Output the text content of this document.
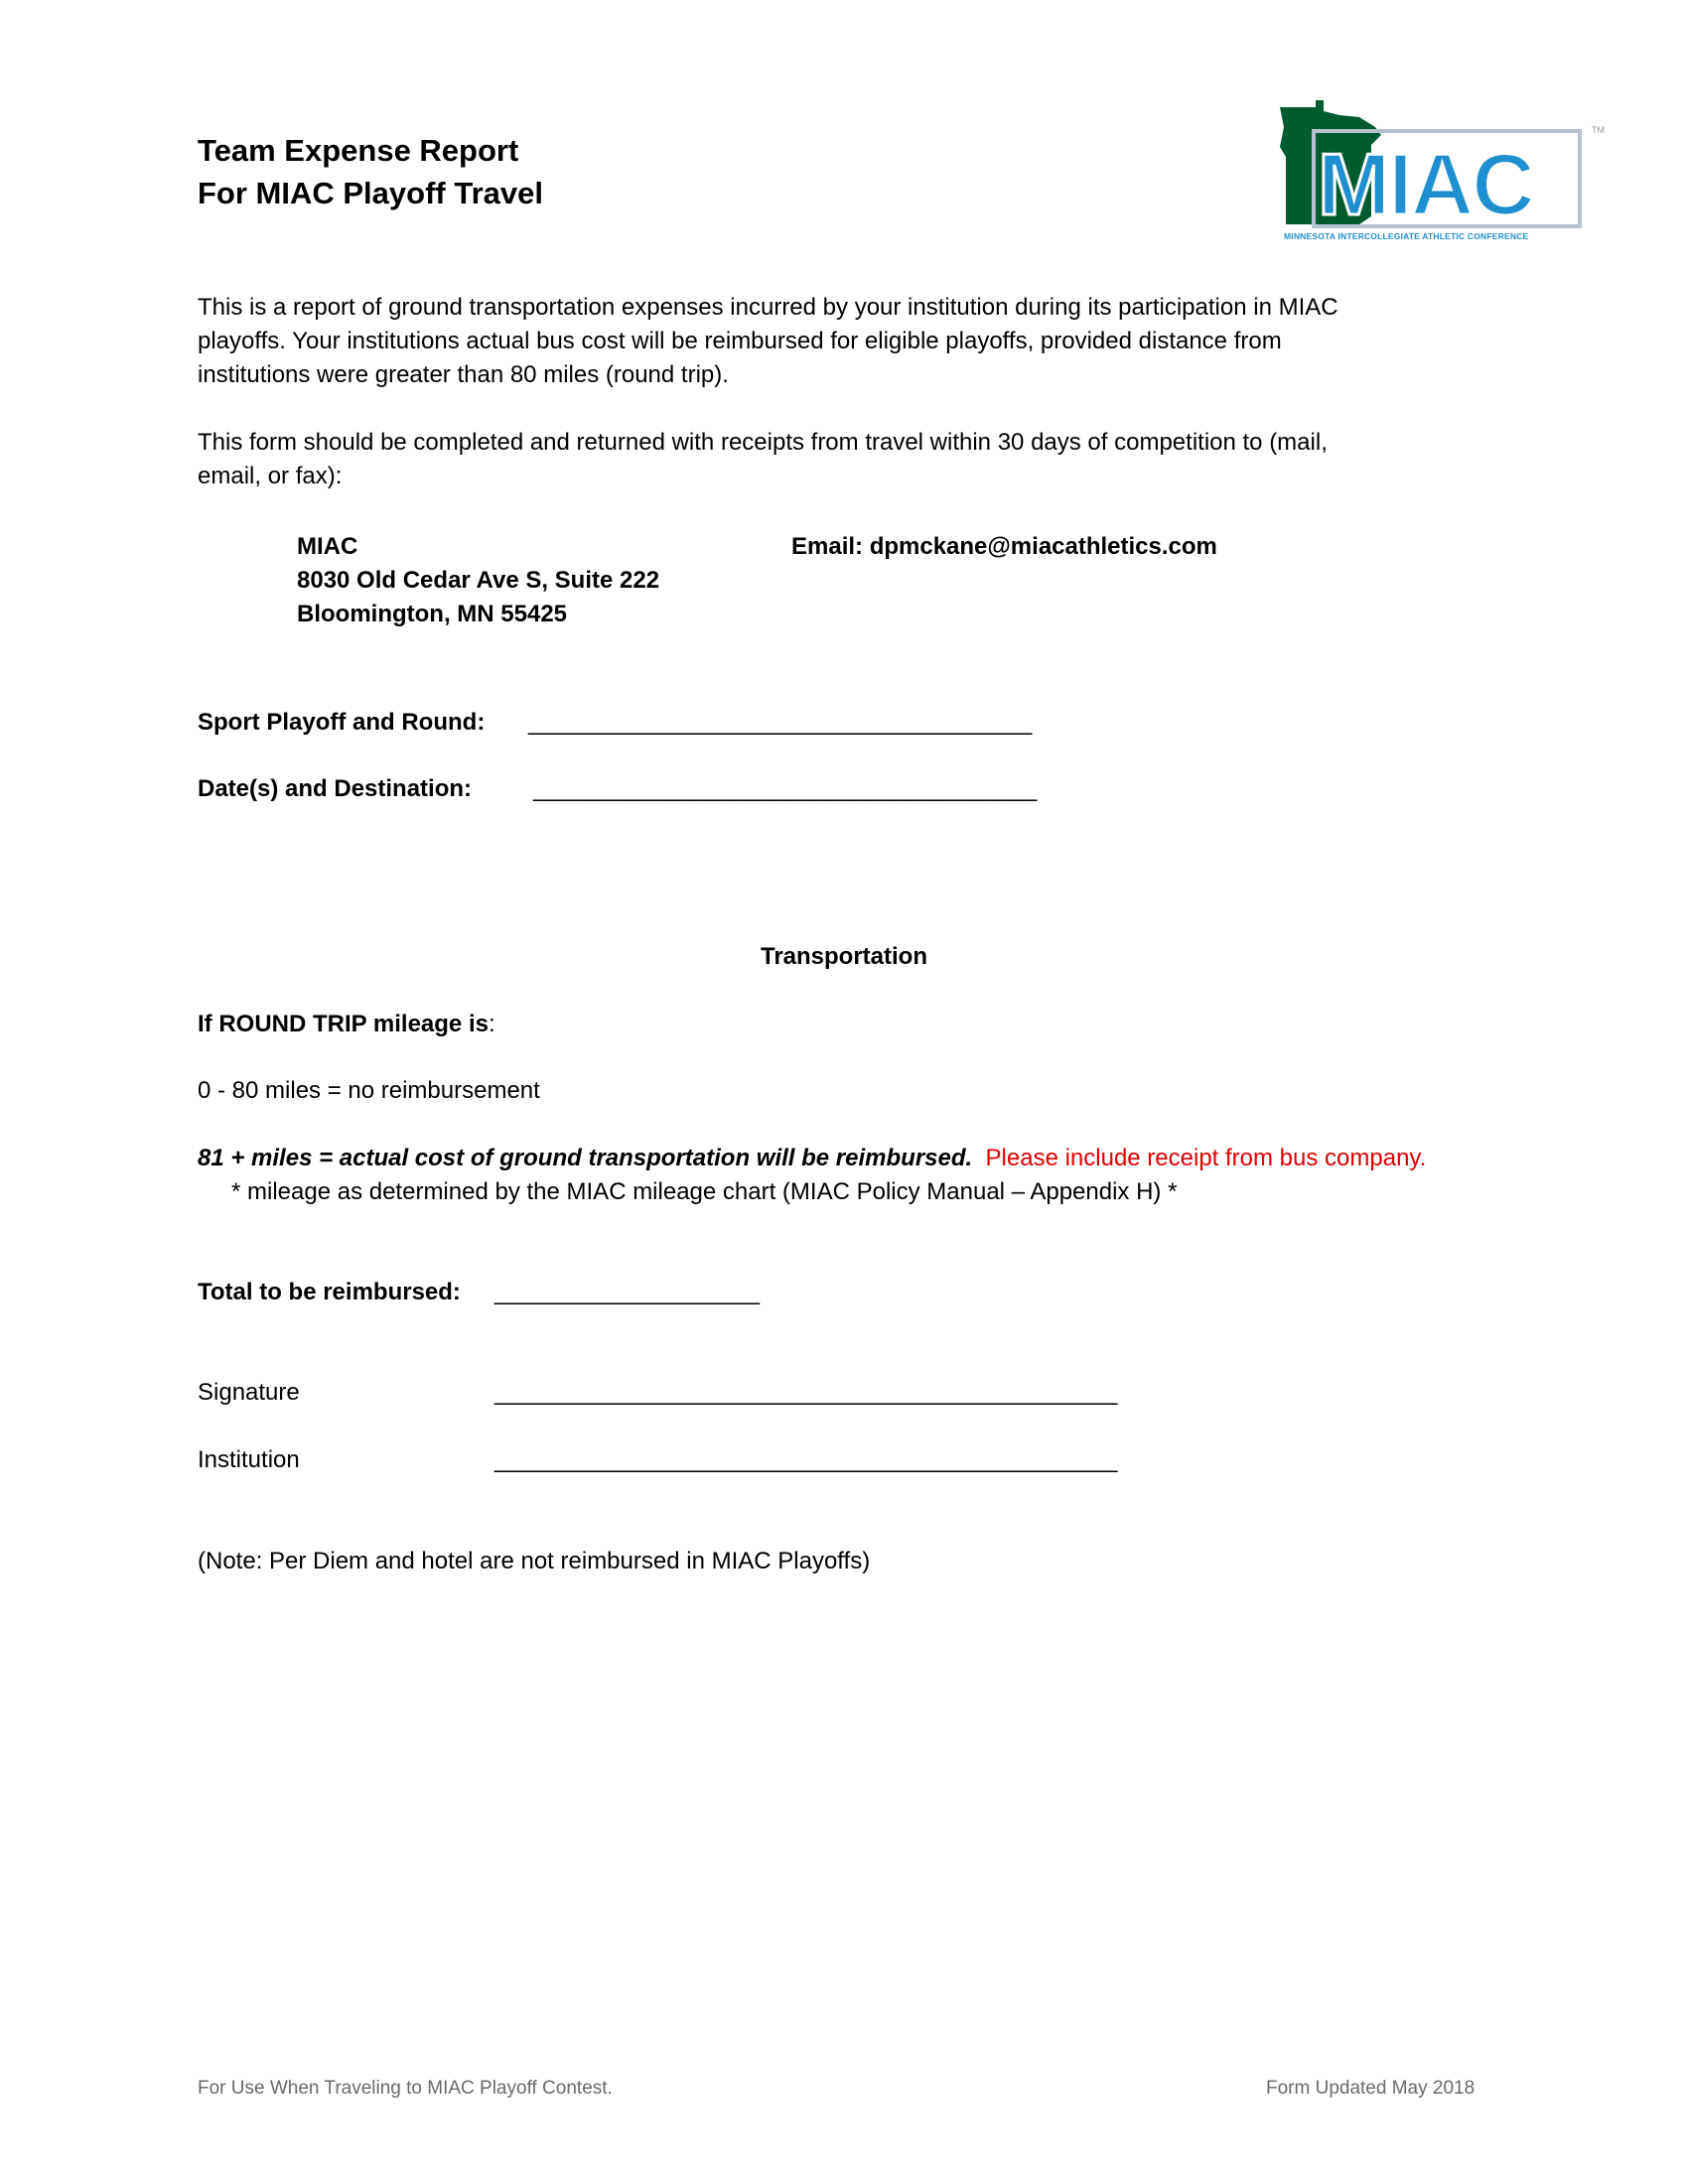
Team Expense Report
For MIAC Playoff Travel	MIAC
TM
MINNESOTA INTERCOLLEGIATE ATHLETIC CONFERENCE
This is a report of ground transportation expenses incurred by your institution during its participation in MIAC
playoffs. Your institutions actual bus cost will be reimbursed for eligible playoffs, provided distance from
institutions were greater than 80 miles (round trip).
This form should be completed and returned with receipts from travel within 30 days of competition to (mail,
email, or fax):
MIAC
8030 Old Cedar Ave S, Suite 222
Bloomington, MN 55425
Email: dpmckane@miacathletics.com
Sport Playoff and Round: ______________________________________
Date(s) and Destination:	______________________________________
Transportation
If ROUND TRIP mileage is:
0 - 80 miles = no reimbursement
81 + miles = actual cost of ground transportation will be reimbursed. Please include receipt from bus company.
* mileage as determined by the MIAC mileage chart (MIAC Policy Manual – Appendix H) *
Total to be reimbursed: ____________________
Signature	_______________________________________________
Institution	_______________________________________________
(Note: Per Diem and hotel are not reimbursed in MIAC Playoffs)
For Use When Traveling to MIAC Playoff Contest.	Form Updated May 2018
